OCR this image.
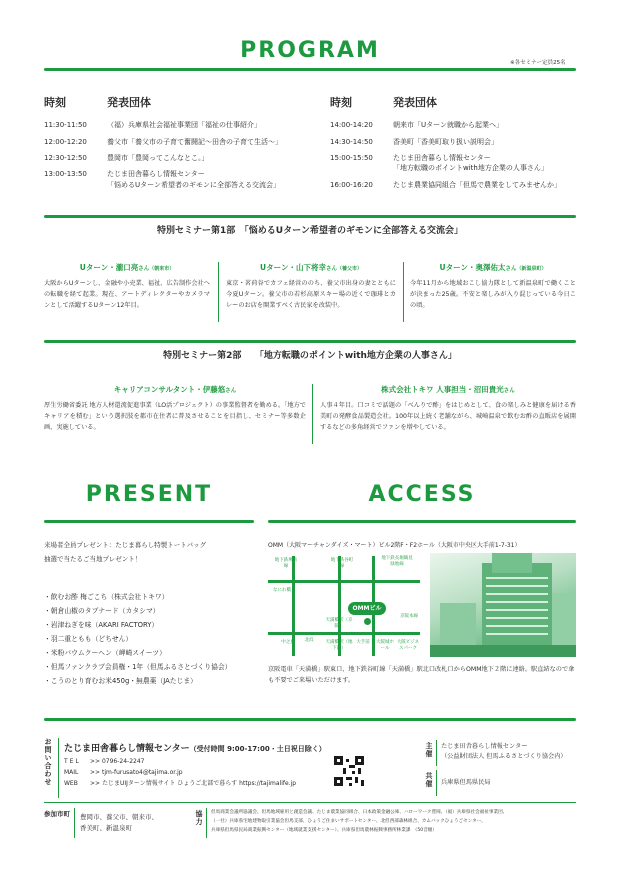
PROGRAM	※各セミナー定員25名
時刻	発表団体	時刻	発表団体
11:30-11:50	（福）兵庫県社会福祉事業団「福祉の仕事紹介」
12:00-12:20	養父市「養父市の子育て奮闘記〜田舎の子育て生活〜」
12:30-12:50	豊岡市「豊岡ってこんなとこ。」
13:00-13:50	たじま田舎暮らし情報センター
「悩めるUターン希望者のギモンに全部答える交流会」
14:00-14:20	朝来市「Uターン就職から起業へ」
14:30-14:50	香美町「香美町取り扱い説明会」
15:00-15:50	たじま田舎暮らし情報センター
「地方転職のポイントwith地方企業の人事さん」
16:00-16:20	たじま農業協同組合「但馬で農業をしてみませんか」
特別セミナー第1部　「悩めるUターン希望者のギモンに全部答える交流会」
Uターン・瀧口亮さん（朝来市）
大阪からUターンし、金融や小売業、福祉、広告制作会社への転職を経て起業。現在、アートディレクターやカメラマンとして活躍するUターン12年目。
Uターン・山下将幸さん（養父市）
東京・茗荷谷でカフェ経営ののち、養父市出身の妻とともに今夏Uターン。養父市の若杉高原スキー場の近くで珈琲とカレーのお店を開業すべく古民家を改装中。
Uターン・奥澤佑太さん（新温泉町）
今年11月から地域おこし協力隊として新温泉町で働くことが決まった25歳。不安と楽しみが入り混じっている今日この頃。
特別セミナー第2部　　「地方転職のポイントwith地方企業の人事さん」
キャリアコンサルタント・伊藤悠さん
厚生労働省委託 地方人材還流促進事業（LO活プロジェクト）の事業監督者を勤める。「地方でキャリアを積む」という選択肢を都市在住者に普及させることを目指し、セミナー等多数企画、実施している。
株式会社トキワ 人事担当・沼田貴光さん
人事４年目。口コミで話題の「べんりで酢」をはじめとして、食の楽しみと健康を届ける香美町の発酵食品製造会社。100年以上続く老舗ながら、城崎温泉で飲むお酢の直販店を展開するなどの多角経営でファンを増やしている。
PRESENT
来場者全員プレゼント：たじま暮らし特製トートバッグ
抽選で当たるご当地プレゼント！
・飲むお酢 梅ごこち（株式会社トキワ）
・朝倉山椒のタプナード（カタシマ）
・岩津ねぎを味（AKARI FACTORY）
・羽二重ともも（どちせん）
・米粉バウムクーヘン（岬崎スイーツ）
・但馬ファンクラブ会員権・1年（但馬ふるさとづくり協会）
・こうのとり育むお米450g・無農薬（JAたじま）
ACCESS
OMM（大阪マーチャンダイズ・マート）ビル2階F・F2ホール（大阪市中央区大手前1-7-31）
地下鉄堺筋線
地下鉄谷町線
地下鉄長堀鶴見緑地線
なにわ橋
中之島
天満橋駅（京阪）
京阪本線
北浜	天満橋駅（地下鉄）
大手前	大阪城ホール
大阪ビジネスパーク
OMMビル
京阪電車「天満橋」駅東口、地下鉄谷町線「天満橋」駅北口改札口からOMM地下２階に連絡。駅直結なので傘も不要でご来場いただけます。
お問い合わせ たじま田舎暮らし情報センター（受付時間 9:00-17:00・土日祝日除く）
TEL >> 0796-24-2247
MAIL >> tjm-furusato4@tajima.or.jp
WEB >> たじまUIJターン情報サイト ひょうご北部で暮らす https://tajimalife.jp
主催 たじま田舎暮らし情報センター
（公益財団法人 但馬ふるさとづくり協会内）
共催 兵庫県但馬県民局
参加市町	豊岡市、養父市、朝来市、
香美町、新温泉町
協力 但馬商業会議所協議会、但馬地域雇用と創造会議、たじま農業協同組合、日本政策金融公庫、ハローワーク豊岡、（福）兵庫県社会福祉事業団、
（一社）兵庫県宅地建物取引業協会但馬支部、ひょうご住まいサポートセンター、北但西部森林組合、カムバックひょうごセンター、
兵庫県但馬県民局商業振興センター（地域就業支援センター）、兵庫県但馬農林振興事務所林業課　（50音順）
